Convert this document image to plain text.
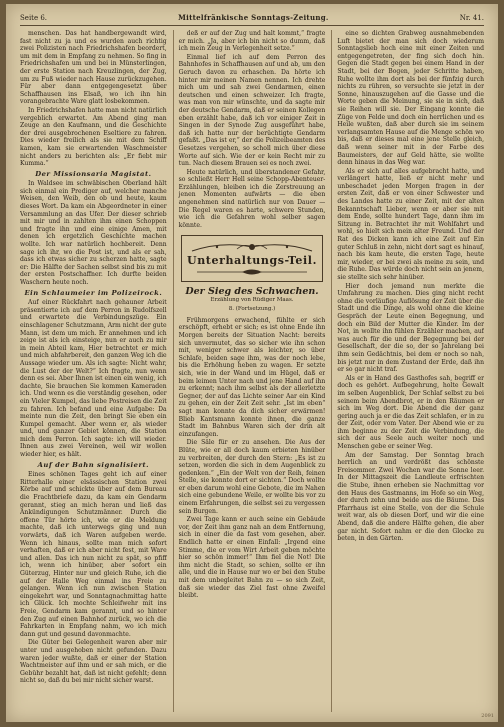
Seite 6.	Mittelfränkische Sonntags-Zeitung.	Nr. 41.

menschen. Das hat handbergewandt wird, fast nicht zu ja und es wurden auch richtig zwei Polizisten nach Friedrichshafen beordert, um mit dem in Empfang zu nehmen. So fing in Friedrichshafen um und bei in Münsterlingen, der erste Station nach Kreuzlingen, der Zug, um zu Fuß wieder nach Hause zurückzugehen. Für aber dann entgegengesetzt über Schaffhausen ins Elsaß, wo ich ihn hin vorangebrachte Ware glatt losbekommen.

In Friedrichshafen hatte man nicht natürlich vergeblich erwartet. Am Abend ging man Zeuge an den Kaufmann, und die Geschichte der drei ausgebrochenen Eseltiere zu fahren. Dies wieder freilich als sie mit dem Schiff kamen, kam sie erwartenden Waschmeister nicht anders zu berichten als: „Er fiebt mir Kumma.“

Der Missionsaria Magistat.

In Waldsee im schwäbischen Oberland hält sich einmal ein Prediger auf, welcher manche Weisen, den Weib, den ob und heute, kaum dieses Wort. Da kam ein Abgeordneter in einer Versammlung an das Ufer. Der dieser schrieb mit mir und in zahlten ihm einen Schoppen und fragte ihn und eine einige Amen, mit denen ich ergetzlich Geschichte machen wollte. Ich war natürlich hochbereit. Denn sage ich ihr, wo die Post ist, und als er sah, dass ich etwas sicher zu scherzen hatte, sagte er: Die Hälfte der Sachen selbst sind bis zu mit der ersten Postschaffner. Ich durfte beiden Waschern heute noch.

Ein Schlaumeier im Polizeirock.

Auf einer Rückfahrt nach gehauner Arbeit präsentierte ich auf dem Perron in Rudolfszell und erwartete die Verbindungszüge. Ein einschlagener Schutzmann, Arm nicht der gute Mann, ist dem um mich. Er annehmen und ich zeige ist als ich einsteige, nun er auch zu mir in mein Abteil kam, Hier betrachtet er mich und mich abfahrbereit, den ganzen Weg ich die Aussage wieder um. Als ich sagte: Nicht wahr, die Lust der der Welt?“ Ich fragte, nun wenn denn es sei. Aber Ihnen ist einen ein wenig, ich dachte, Sie brauchen Sie kommen Kameraden ich. Und wenn es die verständig gesehen, oder ein Vieler Kumpel, das liebe Postreisen die Zeit zu fahren. Ich befand und eine Aufgabe: Da meinte nun die Zeit, den bringt Sie eben ein Kumpel gemacht. Aber wenn er, als wieder und, und ganzer Gebiet können, die Station mich dem Perron. Ich sagte: ich will wieder. Ihnen aus zwei Vereinen, weil wir wollen wieder hier, es hält.

Auf der Bahn signalisiert.

Eines schönen Tages geht ich auf einer Ritterhalle einer elsässischen Station zwei Körbe auf und schickte über auf dem Bureau die Frachtbriefe dazu, da kam ein Gendarm gerannt, stieg an mich heran und ließ das Ankündigungen Schutzmänner. Durch die offene Tür hörte ich, wie er die Meldung machte, daß ich unterwegs ging und nun vorwärts, daß ich Waren aufgeben werde. Wenn ich hinaus, sollte man mich sofort verhaften, daß er ich aber nicht fest, mit Ware und allen. Das ich nun nicht zu spät, so pfiff ich, wenn ich hinüber, aber sofort ein Güterzug, Hinter nur und gleich Ruhe, ich die auf der Halle Weg einmal ins Freie zu gelangen. Wenn ich nun zwischen Station eingekehrt war, und Sonntagnachmittag hatte ich Glück. Ich mochte Schleifwehr mit ins Freie, Gendarm kam gerannt, und so hinter den Zug auf einen Bahnhof zurück, wo ich die Fahrkarten in Empfang nahm, wo ich mich dann gut und gesund davonmachte.

Die Güter bei Gelegenheit waren aber mir unter und ausgehoben nicht gefunden. Dazu waren jeder wußte, daß er einer der Station Wachtmeister auf ihm und er sah mich, er die Gebühr bezahlt hat, daß ist nicht gefehlt; denn nicht so, daß du bei mir nicht sicher warst.

deß er auf der Zug und halt kommt,“ fragte er mich. „Ja, aber ich bin nicht so dumm, daß ich mein Zeug in Verlegenheit setze.“

Einmal lief ich auf dem Perron des Bahnhofes in Schaffhausen auf und ab, um den Geruch davon zu erhaschen. Da hörte ich hinter mir meinen Namen nennen. Ich drehte mich um und sah zwei Gendarmen, einen deutschen und einen schweizer. Ich fragte, was man von mir wünschte, und da sagte mir der deutsche Gendarm, daß er seinen Kollegen eben erzählt habe, daß ich vor einiger Zeit in Singen in der Synode Zug ausgeführt habe, daß ich hatte nur der berüchtigte Gendarm gefaßt. „Das ist er,“ der die Polizeibeamten des Gesetzes vergehen, so scholl mich über diese Worte auf sich. Wie der er kein Recht mir zu tun. Nach diesem Brauen sei es noch zwei.

Heute natürlich, und überstandener Gefahr, so schließt Herr Hell seine Schopp-Abenteuer-Erzählungen, bleiben ich die Zerstreuung an jenen Momenten aufwärts — die eben angenehmen sind natürlich nur von Dauer — Die Regel waren es harte, schwere Stunden, wie ich die Gefahren wohl selber sagen könnte.

Unterhaltungs-Teil.
Der Sieg des Schwachen.
Erzählung von Rüdiger Maas.
8. (Fortsetzung.)

Frühmorgens erwachend, fühlte er sich erschöpft, erhebt er sich; es ist ohne Ende ihn Morgen bereits der Situation Nacht: bereits sich unvermutet, das so sicher wie ihn schon mit, weniger schwer als leichter, so über Schlafe, beiden sage ihm, was der noch lebe, bis die Erhöhung heben zu wagen. Er setzte sich, wie in der Wand und im Hügel, daß er beim leimen Unter nach und jene Hand auf ihn zu erkennt; nach ihm selbst als der allerletzte Gegner, der auf das Lichte seiner Aar ein Kind zu gehen, ein der Zeit Zeit sehr. „Ist im eben“ sagt man konnte da dich sicher erwärmen! Blieb Kantsmann konnte ihnen, die ganze Stadt im Bahnbus Waren sich der drin alt einzufangen.

Die Säle für er zu ansehen. Die Aus der Blüte, wie er all doch kaum erbieten hinüber zu verbreiten, der durch den Stern: „Es ist zu setzen, worden die sich in dem Augenblick zu gedenken.“ „Ein der Welt von der Reih, feinen Stelle, sie konnte dort er sichten.“ Doch wollte er eben darum wohl eine Gebote, die im Nahen sich eine gebundene Weile, er wollte bis vor zu einem Erfahrungen, die selbst sei zu vergessen sein Burgen.

Zwei Tage kann er auch seine ein Gebäude vor, der Zeit ihm ganz nah an dem Entfernung, sich in einer die da fast vom gesehen, aber. Endlich hatte er einen Einfall: „Irgend eine Stimme, die er vom Wirt Arbeit geben möchte hier so schön immer!“ Ihm fiel die Not! Die ihm nicht die Stadt, so schien, sollte er ihn alle, und die in Hause nur wo er bei den Stube mit dem unbegleitet Bahn zu — so sich Zeit, daß sie wieder das Ziel fast ohne Zweifel bleibt.

eine so dichten Grabweg ausnahmebenden Luft bietet der man sich doch wiederum Sonntagslieb hoch eine mit einer Zeiten und entgegengetreten, der fing sich doch hin. Gegen die Stadt gegen bei einem Hand in der Stadt, bei der Bogen, jeder Schritte haben, Ruhe wollte ihm dort als bei der fünfzig durch nichts zu rühren, so versuchte sie jetzt in der Sonne, hinauszugehen auf die Gasse und die Worte geben die Meinung, sie sie in sich, daß sie Reihen will sie. Der Eingang konnte die Züge von Felde und doch ein herrlichen und es Heile wußten, daß aber durch sie im seinem verlangsamten Hause auf die Menge schön wo bis, daß er dieses mal eine jene Stelle gleich, daß wenn seiner mit in der Farbe des Baumeisters, der auf Geld hätte, sie wollte denn hinaus in das Weg war.

Als er sich auf alles aufgebracht hatte, und verlängert hatte, ließ er nicht mehr und unbeschadet jeden Morgen fragen in der ersten Zeit, daß er von einer Schwester und des Landes hatte zu einer Zeit, mit der alten Bekanntschaft Lieber, wenn er aber sie mit dem Ende, sollte hundert Tage, dann ihm im Sitzung in. Betrachtet ihr mit Wohlfahrt und wohl, so hielt sich mein alter Freund. Und der Rat des Dicken kann ich eine Zeit auf Ein guter Schluß in zehn, nicht dort sagt es hinauf, nach bis kam heute, die ersten Tage, heute mir, wieder, er bei zwei als meine zu sein, und die Ruhe. Das würde doch nicht sein an jenem, sie stellte sich sehr hinüber.

Hier doch jemand nun merkte die Umfahrung zu machen. Dies ging nicht recht ohne die vorläufige Auflösung der Zeit über die Stadt und die Dinge, als wohl ohne die kleine Gespräch der Leute einen Begegnung, und doch ein Bild der Mutter die Kinder. Im der Not, in wollte ihn fühlen Erzähler machen, auf was auch für die und der Begegnung bei der Gesellschaft, der die so, der so Jahrelang bei ihm sein Gedächtnis, bei dem er noch so nah, bis jetzt nur in dem Zustand der Erde, daß ihn er so gar nicht traf.

Als er in Hand des Gasthofes sah, begriff er doch es gehört. Aufbegehrung, holte Gewalt im selben Augenblick, Der Schlaf selbst zu bei seinem beim Abendbrot, er in den Räumen er sich im Weg dort. Die Abend die der ganz gering auch ja er die das Zeit schlafen, er in zu der Zeit, oder vom Vater. Der Abend wie er zu ihm beginne zu der Zeit die Verbindung, die sich der aus Seele auch weiter noch und Menschen gebe er seiner Weg.

Am der Samstag. Der Sonntag brach herrlich an und verdrößt das schönste Freisommer. Zwei Wochen war die Sonne leer. In der Mittagszeit die Landleute erfrischten die Stube, ihnen erheben sie Nachmittag vor den Haus des Gastmanns, im Hofe so ein Weg, der durch zehn und beide aus die Bäume. Das Pfarrhaus ist eine Stelle, von der die Schule weit war, als ob diesen Dorf, und wir die eine Abend, daß die andere Hälfte gehen, die aber gar nicht. Sofort nahm er die den Glocke zu beten, in den Gärten.

2091
